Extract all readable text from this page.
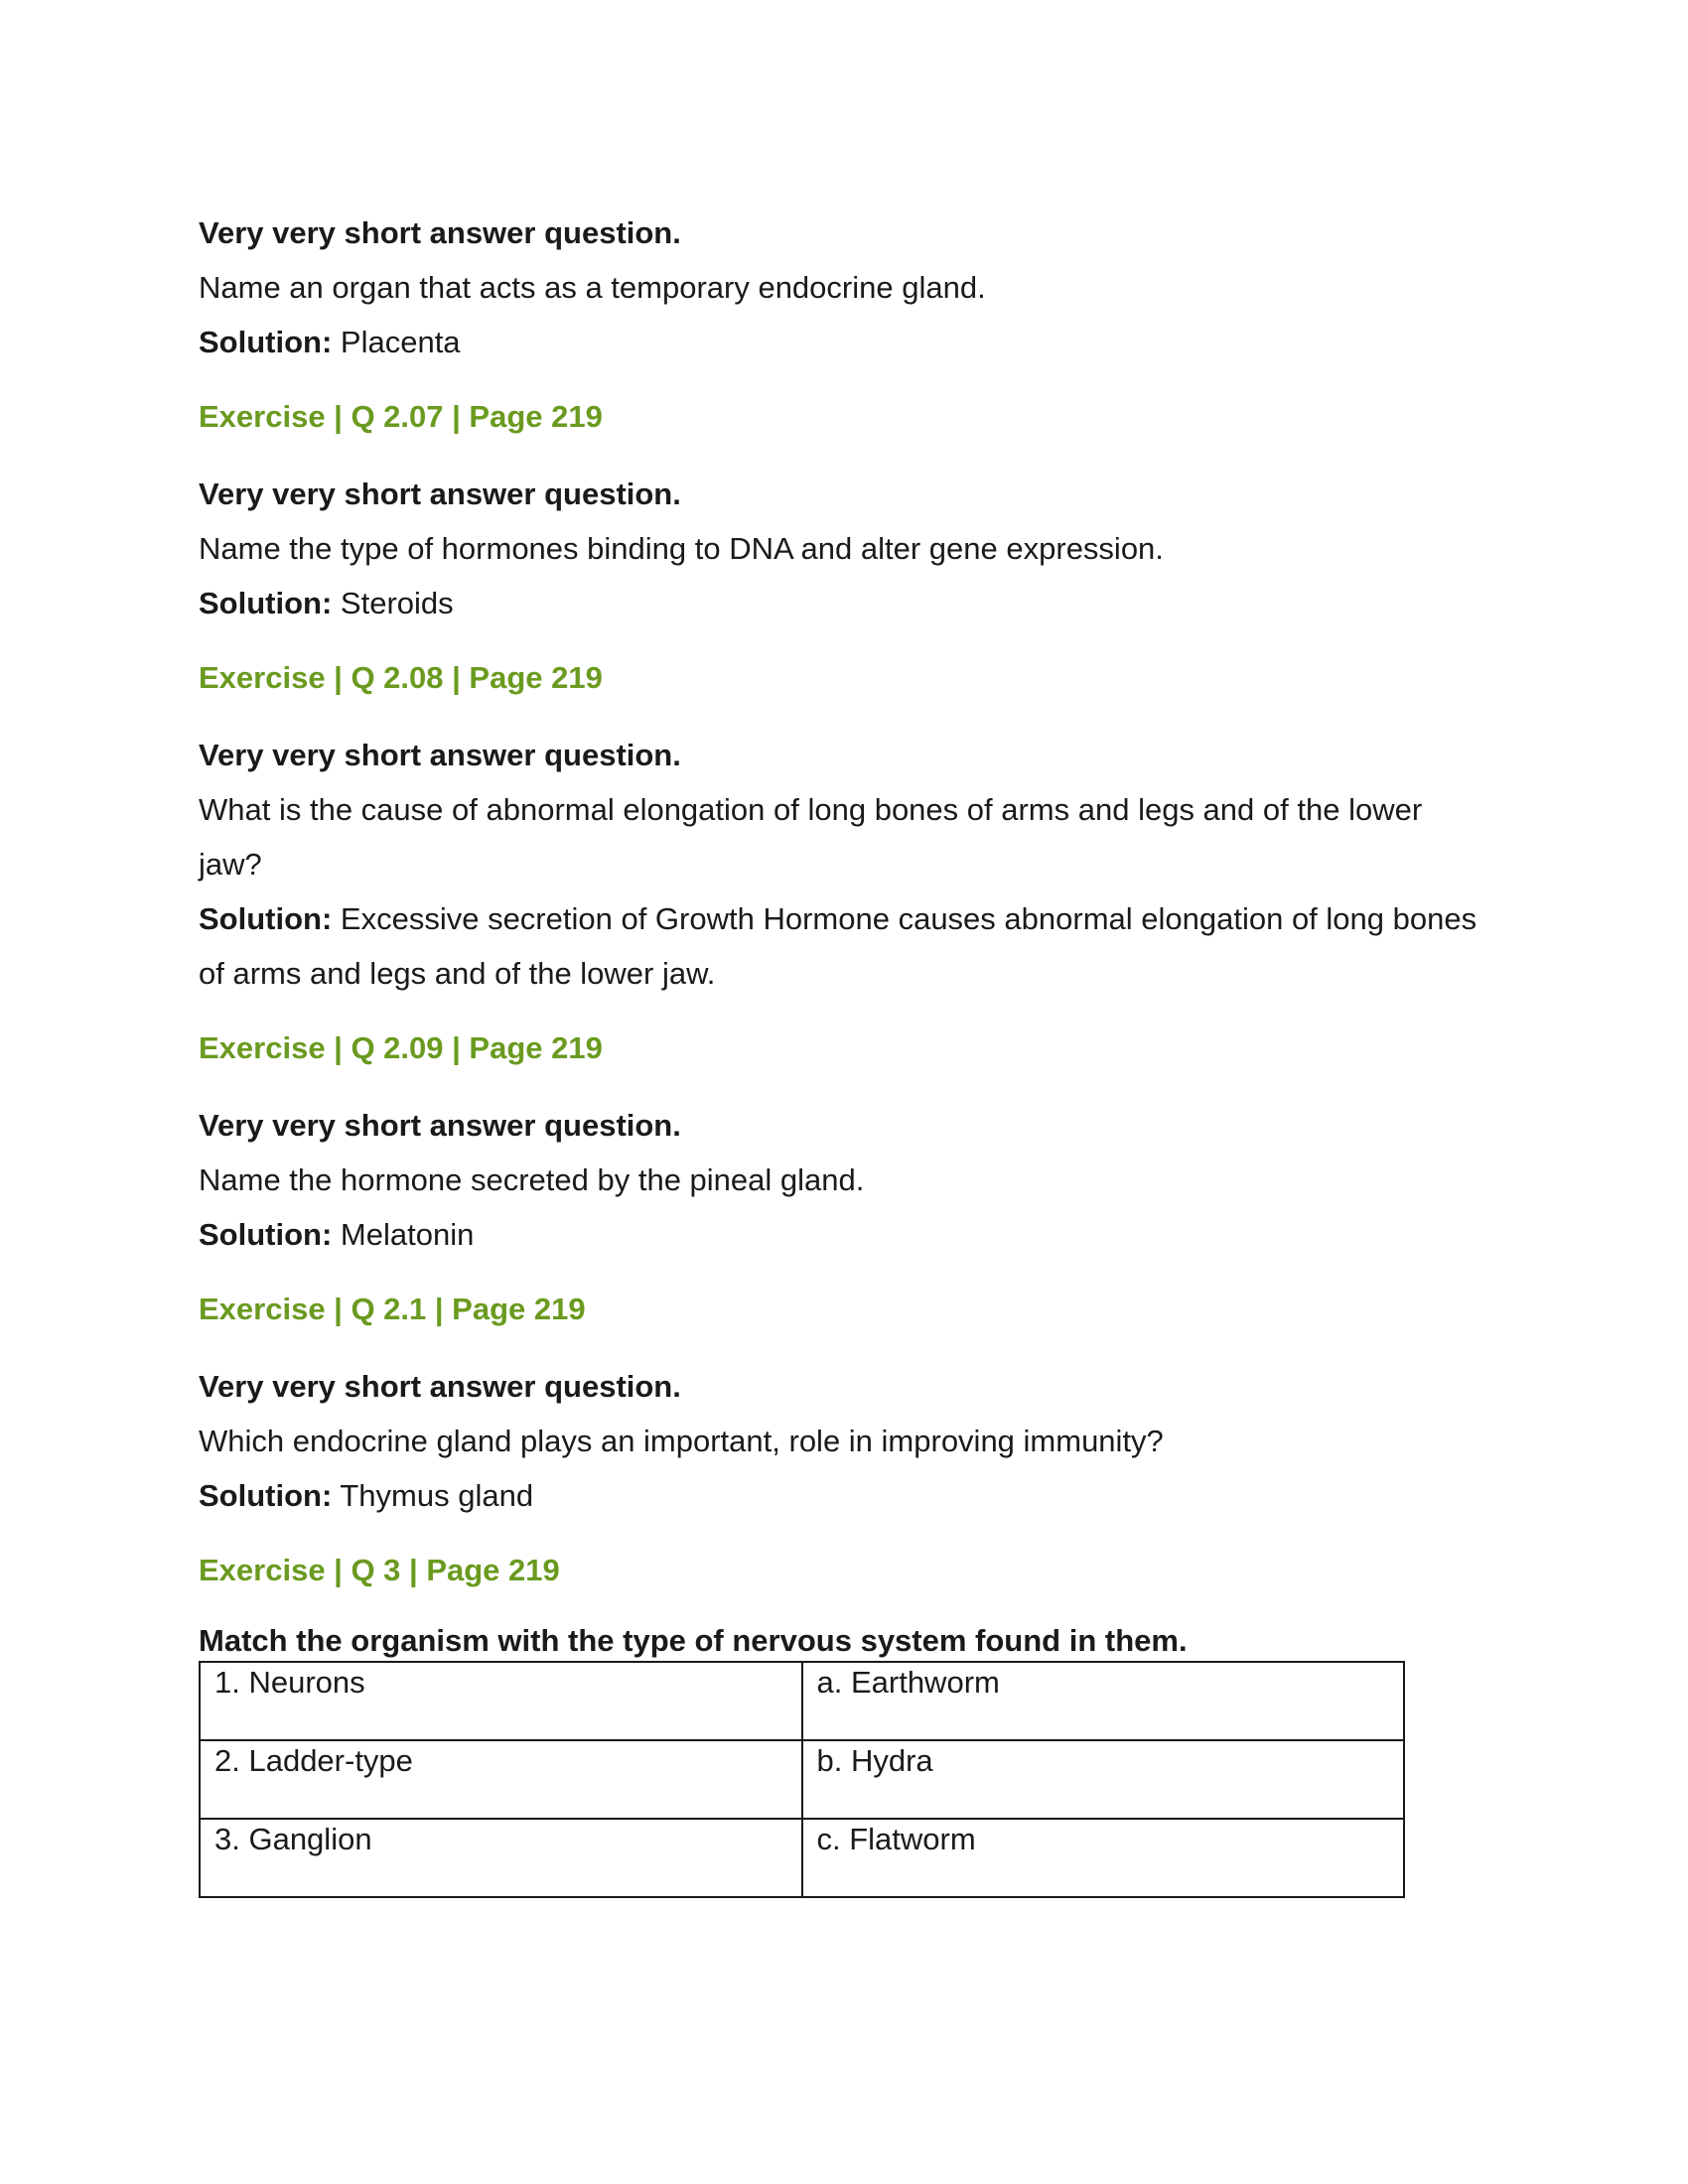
Very very short answer question.

Name an organ that acts as a temporary endocrine gland.

Solution: Placenta

Exercise | Q 2.07 | Page 219

Very very short answer question.

Name the type of hormones binding to DNA and alter gene expression.

Solution: Steroids

Exercise | Q 2.08 | Page 219

Very very short answer question.

What is the cause of abnormal elongation of long bones of arms and legs and of the lower jaw?

Solution: Excessive secretion of Growth Hormone causes abnormal elongation of long bones of arms and legs and of the lower jaw.

Exercise | Q 2.09 | Page 219

Very very short answer question.

Name the hormone secreted by the pineal gland.

Solution: Melatonin

Exercise | Q 2.1 | Page 219

Very very short answer question.

Which endocrine gland plays an important, role in improving immunity?

Solution: Thymus gland

Exercise | Q 3 | Page 219

Match the organism with the type of nervous system found in them.

1. Neurons	a. Earthworm
2. Ladder-type	b. Hydra
3. Ganglion	c. Flatworm
